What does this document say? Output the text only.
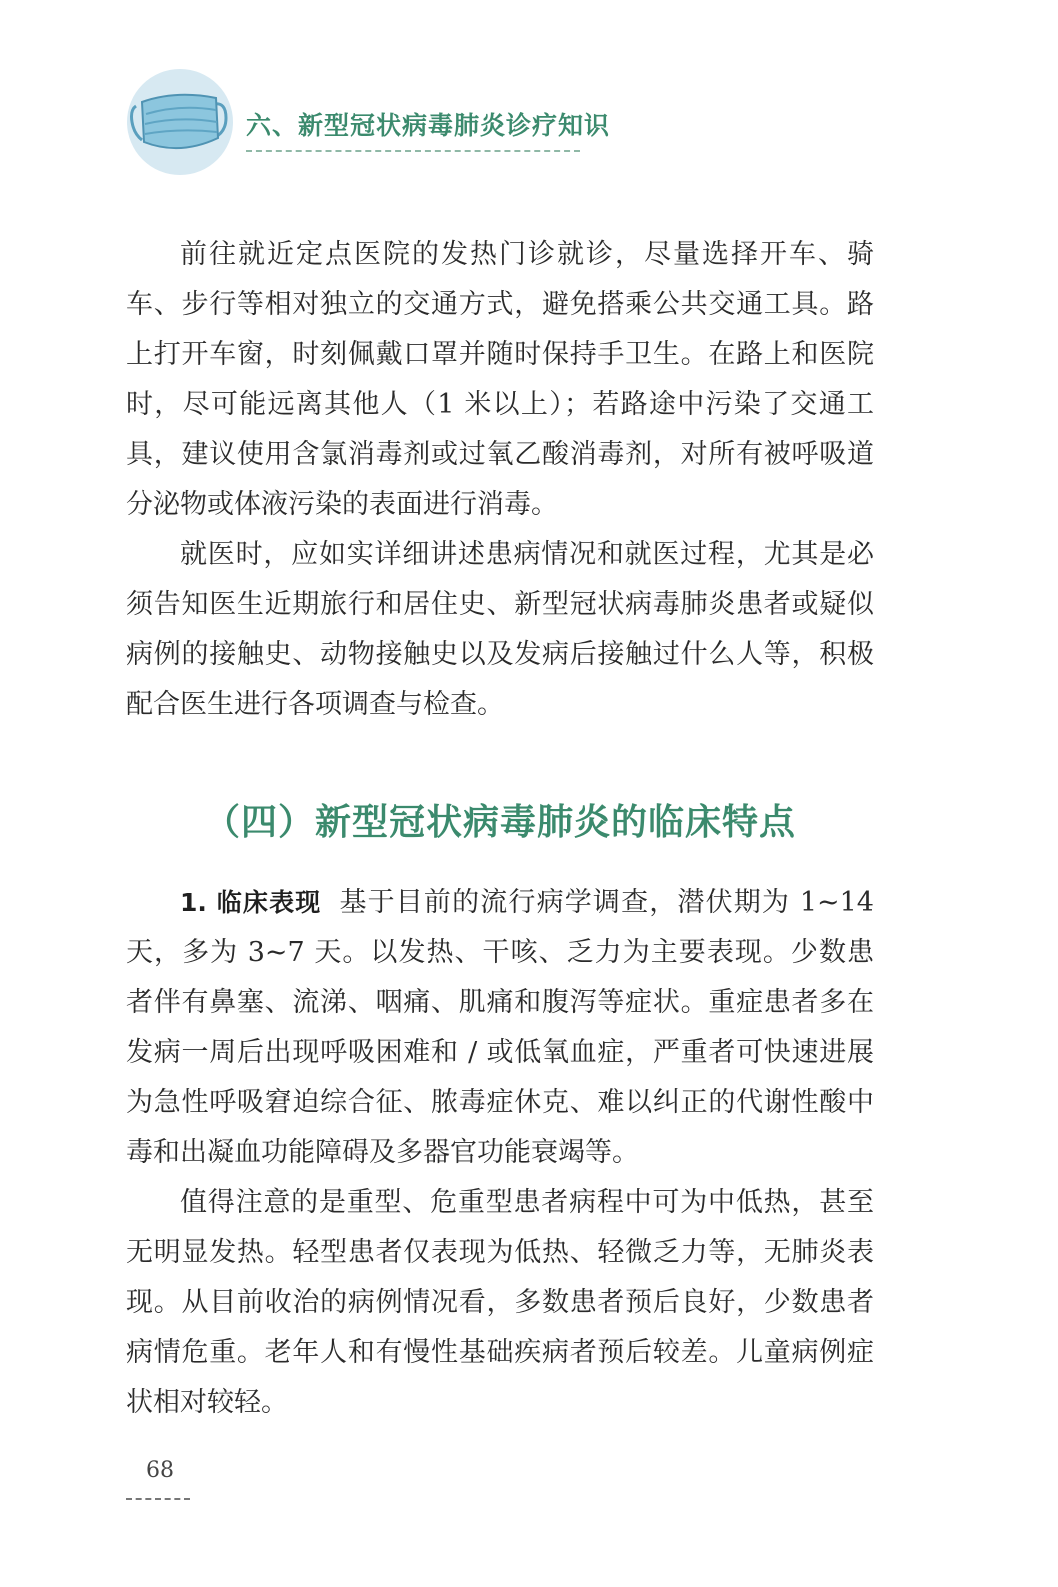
六、新型冠状病毒肺炎诊疗知识

前往就近定点医院的发热门诊就诊，尽量选择开车、骑车、步行等相对独立的交通方式，避免搭乘公共交通工具。路上打开车窗，时刻佩戴口罩并随时保持手卫生。在路上和医院时，尽可能远离其他人（1 米以上）；若路途中污染了交通工具，建议使用含氯消毒剂或过氧乙酸消毒剂，对所有被呼吸道分泌物或体液污染的表面进行消毒。

就医时，应如实详细讲述患病情况和就医过程，尤其是必须告知医生近期旅行和居住史、新型冠状病毒肺炎患者或疑似病例的接触史、动物接触史以及发病后接触过什么人等，积极配合医生进行各项调查与检查。

（四）新型冠状病毒肺炎的临床特点

1. 临床表现 基于目前的流行病学调查，潜伏期为 1~14 天，多为 3~7 天。以发热、干咳、乏力为主要表现。少数患者伴有鼻塞、流涕、咽痛、肌痛和腹泻等症状。重症患者多在发病一周后出现呼吸困难和 / 或低氧血症，严重者可快速进展为急性呼吸窘迫综合征、脓毒症休克、难以纠正的代谢性酸中毒和出凝血功能障碍及多器官功能衰竭等。

值得注意的是重型、危重型患者病程中可为中低热，甚至无明显发热。轻型患者仅表现为低热、轻微乏力等，无肺炎表现。从目前收治的病例情况看，多数患者预后良好，少数患者病情危重。老年人和有慢性基础疾病者预后较差。儿童病例症状相对较轻。

68
